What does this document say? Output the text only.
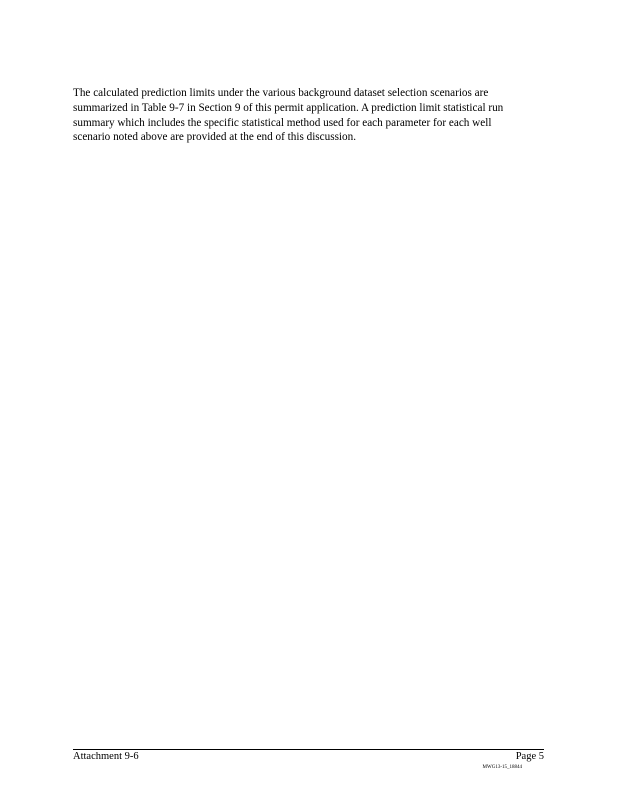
The calculated prediction limits under the various background dataset selection scenarios are
summarized in Table 9-7 in Section 9 of this permit application. A prediction limit statistical run
summary which includes the specific statistical method used for each parameter for each well
scenario noted above are provided at the end of this discussion.
Attachment 9-6	Page 5
MWG13-15_18844
